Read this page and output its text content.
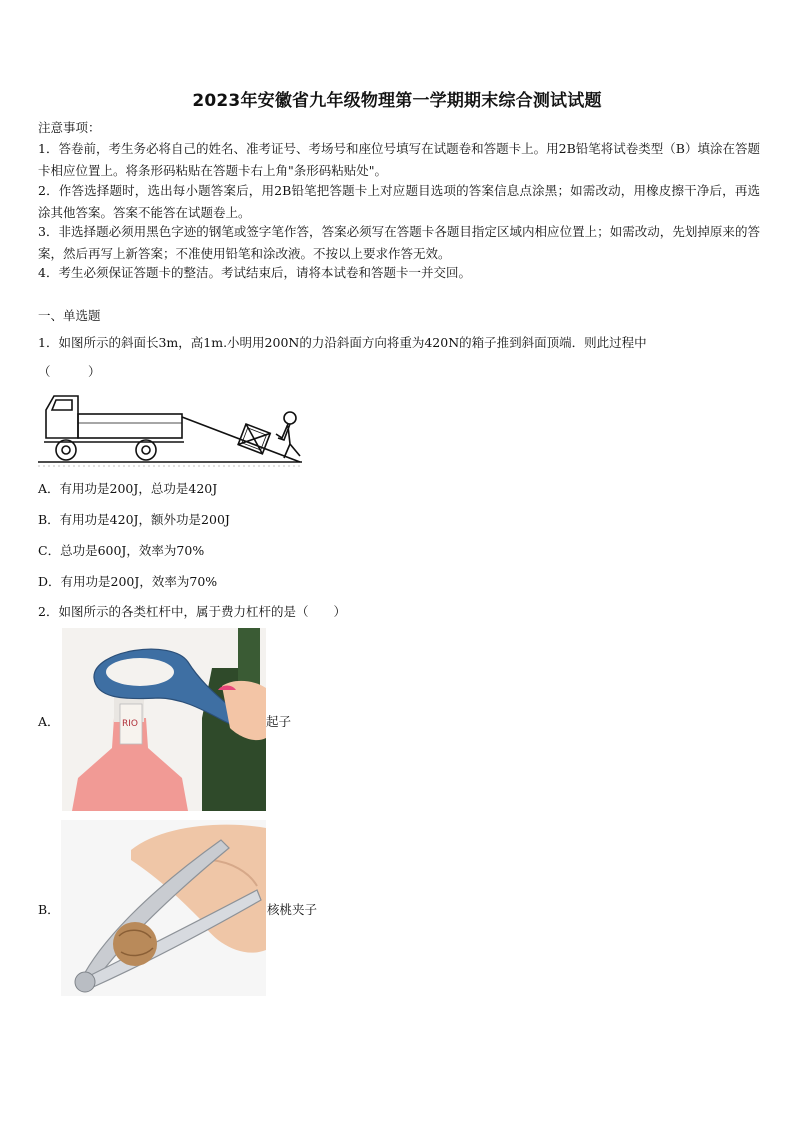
2023年安徽省九年级物理第一学期期末综合测试试题
注意事项：
1．答卷前，考生务必将自己的姓名、准考证号、考场号和座位号填写在试题卷和答题卡上。用2B铅笔将试卷类型（B）填涂在答题卡相应位置上。将条形码粘贴在答题卡右上角"条形码粘贴处"。
2．作答选择题时，选出每小题答案后，用2B铅笔把答题卡上对应题目选项的答案信息点涂黑；如需改动，用橡皮擦干净后，再选涂其他答案。答案不能答在试题卷上。
3．非选择题必须用黑色字迹的钢笔或签字笔作答，答案必须写在答题卡各题目指定区域内相应位置上；如需改动，先划掉原来的答案，然后再写上新答案；不准使用铅笔和涂改液。不按以上要求作答无效。
4．考生必须保证答题卡的整洁。考试结束后，请将本试卷和答题卡一并交回。
一、单选题
1．如图所示的斜面长3m，高1m.小明用200N的力沿斜面方向将重为420N的箱子推到斜面顶端．则此过程中
（　　　）
A．有用功是200J，总功是420J
B．有用功是420J，额外功是200J
C．总功是600J，效率为70%
D．有用功是200J，效率为70%
2．如图所示的各类杠杆中，属于费力杠杆的是（　　）
A．	RIO	起子
B．	核桃夹子
